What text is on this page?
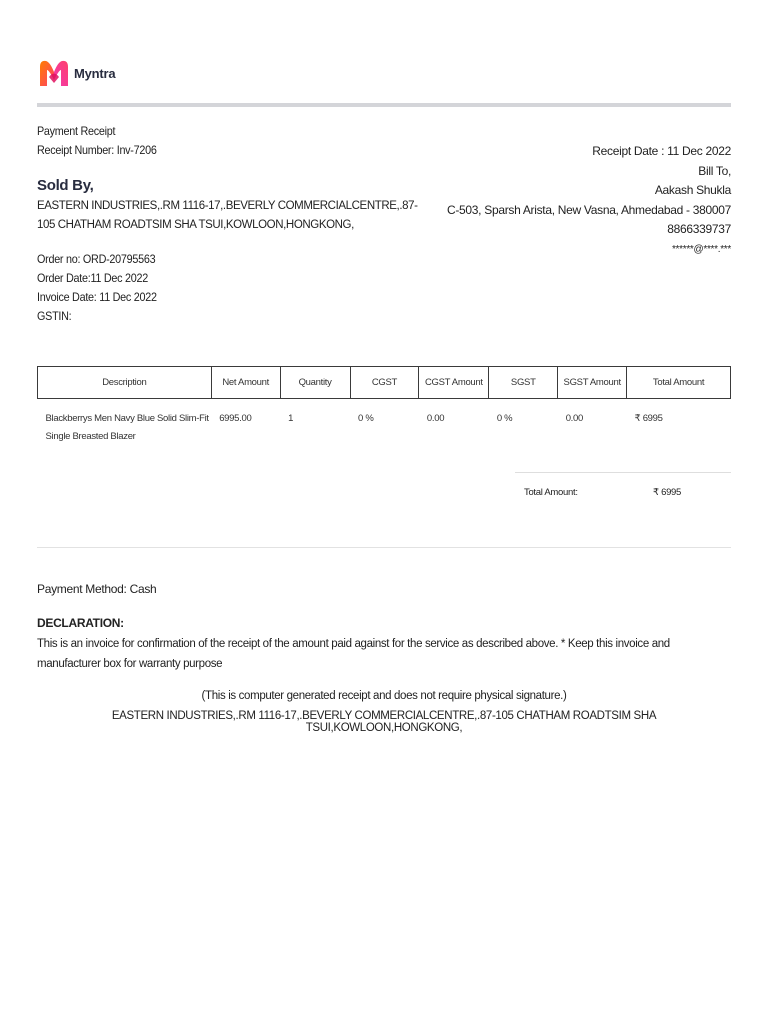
Myntra
Payment Receipt
Receipt Number: Inv-7206	Receipt Date : 11 Dec 2022
Bill To,
Aakash Shukla
C-503, Sparsh Arista, New Vasna, Ahmedabad - 380007
8866339737
******@****.***
Sold By,
EASTERN INDUSTRIES,.RM 1116-17,.BEVERLY COMMERCIALCENTRE,.87-
105 CHATHAM ROADTSIM SHA TSUI,KOWLOON,HONGKONG,
Order no: ORD-20795563
Order Date:11 Dec 2022
Invoice Date: 11 Dec 2022
GSTIN:
Description	Net Amount	Quantity	CGST	CGST Amount	SGST	SGST Amount	Total Amount

Blackberrys Men Navy Blue Solid Slim-Fit
Single Breasted Blazer	6995.00	1	0 %	0.00	0 %	0.00	₹ 6995
Total Amount:	₹ 6995
Payment Method: Cash
DECLARATION:
This is an invoice for confirmation of the receipt of the amount paid against for the service as described above. * Keep this invoice and manufacturer box for warranty purpose
(This is computer generated receipt and does not require physical signature.)
EASTERN INDUSTRIES,.RM 1116-17,.BEVERLY COMMERCIALCENTRE,.87-105 CHATHAM ROADTSIM SHA TSUI,KOWLOON,HONGKONG,
